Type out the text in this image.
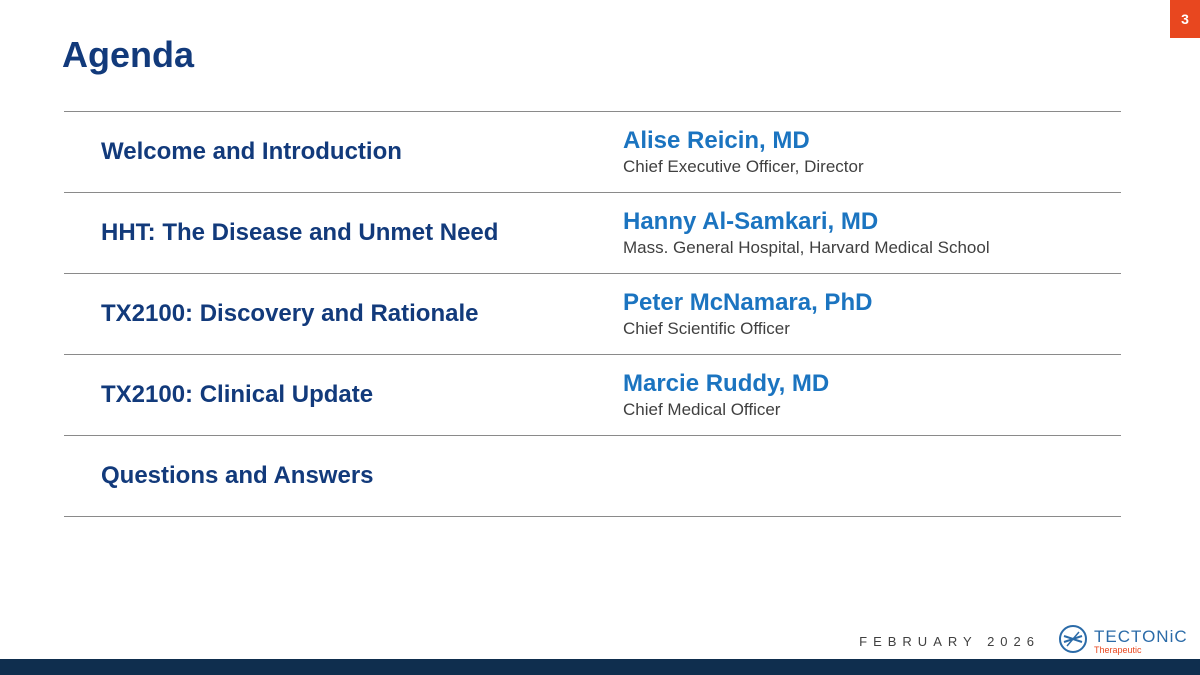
3
Agenda
Welcome and Introduction	Alise Reicin, MD
Chief Executive Officer, Director
HHT: The Disease and Unmet Need	Hanny Al-Samkari, MD
Mass. General Hospital, Harvard Medical School
TX2100: Discovery and Rationale	Peter McNamara, PhD
Chief Scientific Officer
TX2100: Clinical Update	Marcie Ruddy, MD
Chief Medical Officer
Questions and Answers
FEBRUARY 2026	TECTONiC
Therapeutic
